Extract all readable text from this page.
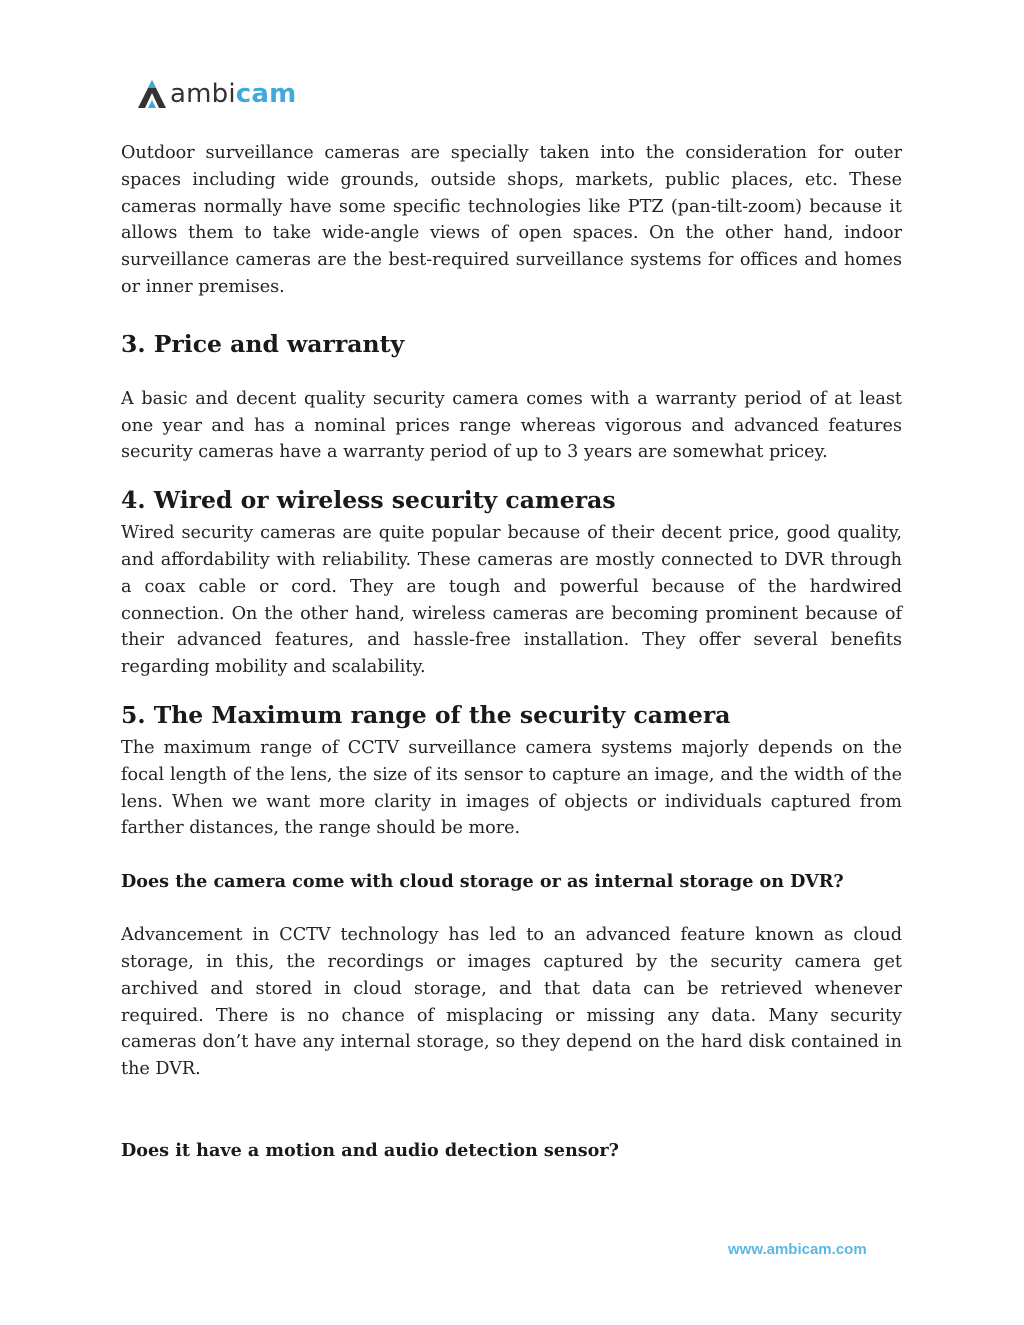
ambicam

Outdoor surveillance cameras are specially taken into the consideration for outer spaces including wide grounds, outside shops, markets, public places, etc. These cameras normally have some specific technologies like PTZ (pan-tilt-zoom) because it allows them to take wide-angle views of open spaces. On the other hand, indoor surveillance cameras are the best-required surveillance systems for offices and homes or inner premises.

3. Price and warranty

A basic and decent quality security camera comes with a warranty period of at least one year and has a nominal prices range whereas vigorous and advanced features security cameras have a warranty period of up to 3 years are somewhat pricey.

4. Wired or wireless security cameras

Wired security cameras are quite popular because of their decent price, good quality, and affordability with reliability. These cameras are mostly connected to DVR through a coax cable or cord. They are tough and powerful because of the hardwired connection. On the other hand, wireless cameras are becoming prominent because of their advanced features, and hassle-free installation. They offer several benefits regarding mobility and scalability.

5. The Maximum range of the security camera

The maximum range of CCTV surveillance camera systems majorly depends on the focal length of the lens, the size of its sensor to capture an image, and the width of the lens. When we want more clarity in images of objects or individuals captured from farther distances, the range should be more.

Does the camera come with cloud storage or as internal storage on DVR?

Advancement in CCTV technology has led to an advanced feature known as cloud storage, in this, the recordings or images captured by the security camera get archived and stored in cloud storage, and that data can be retrieved whenever required. There is no chance of misplacing or missing any data. Many security cameras don’t have any internal storage, so they depend on the hard disk contained in the DVR.

Does it have a motion and audio detection sensor?
www.ambicam.com
